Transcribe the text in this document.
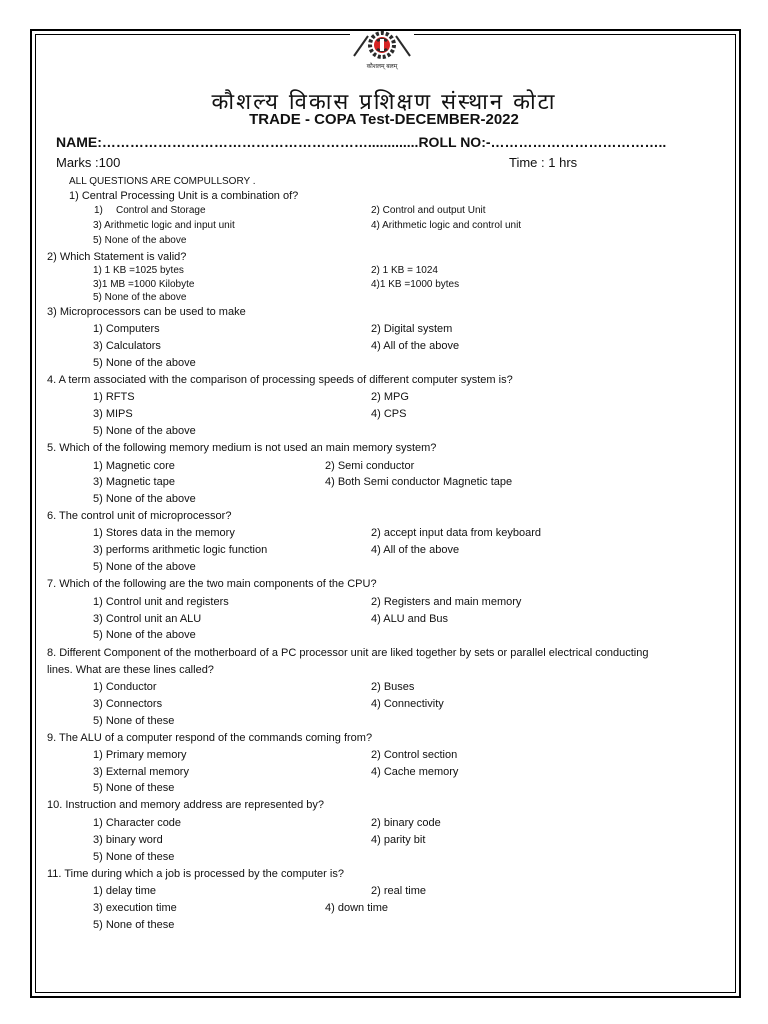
कौशलम् बलम्
कौशल्य विकास प्रशिक्षण संस्थान कोटा
TRADE - COPA Test-DECEMBER-2022
NAME:………………………………………………….............ROLL NO:-………………………………..
Marks :100	Time : 1 hrs
ALL QUESTIONS ARE COMPULLSORY .
1) Central Processing Unit is a combination of?
1) Control and Storage	2) Control and output Unit
3) Arithmetic logic and input unit	4) Arithmetic logic and control unit
5) None of the above
2) Which Statement is valid?
1) 1 KB =1025 bytes	2) 1 KB = 1024
3)1 MB =1000 Kilobyte	4)1 KB =1000 bytes
5) None of the above
3) Microprocessors can be used to make
1) Computers	2) Digital system
3) Calculators	4) All of the above
5) None of the above
4. A term associated with the comparison of processing speeds of different computer system is?
1) RFTS	2) MPG
3) MIPS	4) CPS
5) None of the above
5. Which of the following memory medium is not used an main memory system?
1) Magnetic core	2) Semi conductor
3) Magnetic tape	4) Both Semi conductor Magnetic tape
5) None of the above
6. The control unit of microprocessor?
1) Stores data in the memory	2) accept input data from keyboard
3) performs arithmetic logic function	4) All of the above
5) None of the above
7. Which of the following are the two main components of the CPU?
1) Control unit and registers	2) Registers and main memory
3) Control unit an ALU	4) ALU and Bus
5) None of the above
8. Different Component of the motherboard of a PC processor unit are liked together by sets or parallel electrical conducting
lines. What are these lines called?
1) Conductor	2) Buses
3) Connectors	4) Connectivity
5) None of these
9. The ALU of a computer respond of the commands coming from?
1) Primary memory	2) Control section
3) External memory	4) Cache memory
5) None of these
10. Instruction and memory address are represented by?
1) Character code	2) binary code
3) binary word	4) parity bit
5) None of these
11. Time during which a job is processed by the computer is?
1) delay time	2) real time
3) execution time	4) down time
5) None of these
